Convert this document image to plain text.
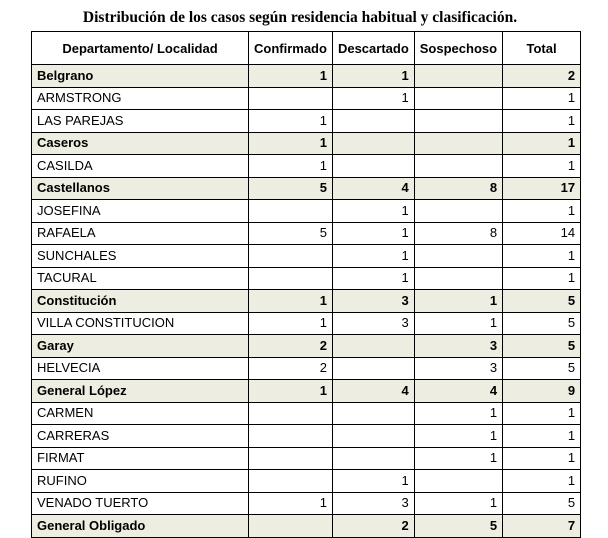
Distribución de los casos según residencia habitual y clasificación.
Departamento/ Localidad	Confirmado	Descartado	Sospechoso	Total
Belgrano	1	1		2
ARMSTRONG		1		1
LAS PAREJAS	1			1
Caseros	1			1
CASILDA	1			1
Castellanos	5	4	8	17
JOSEFINA		1		1
RAFAELA	5	1	8	14
SUNCHALES		1		1
TACURAL		1		1
Constitución	1	3	1	5
VILLA CONSTITUCION	1	3	1	5
Garay	2		3	5
HELVECIA	2		3	5
General López	1	4	4	9
CARMEN			1	1
CARRERAS			1	1
FIRMAT			1	1
RUFINO		1		1
VENADO TUERTO	1	3	1	5
General Obligado		2	5	7
